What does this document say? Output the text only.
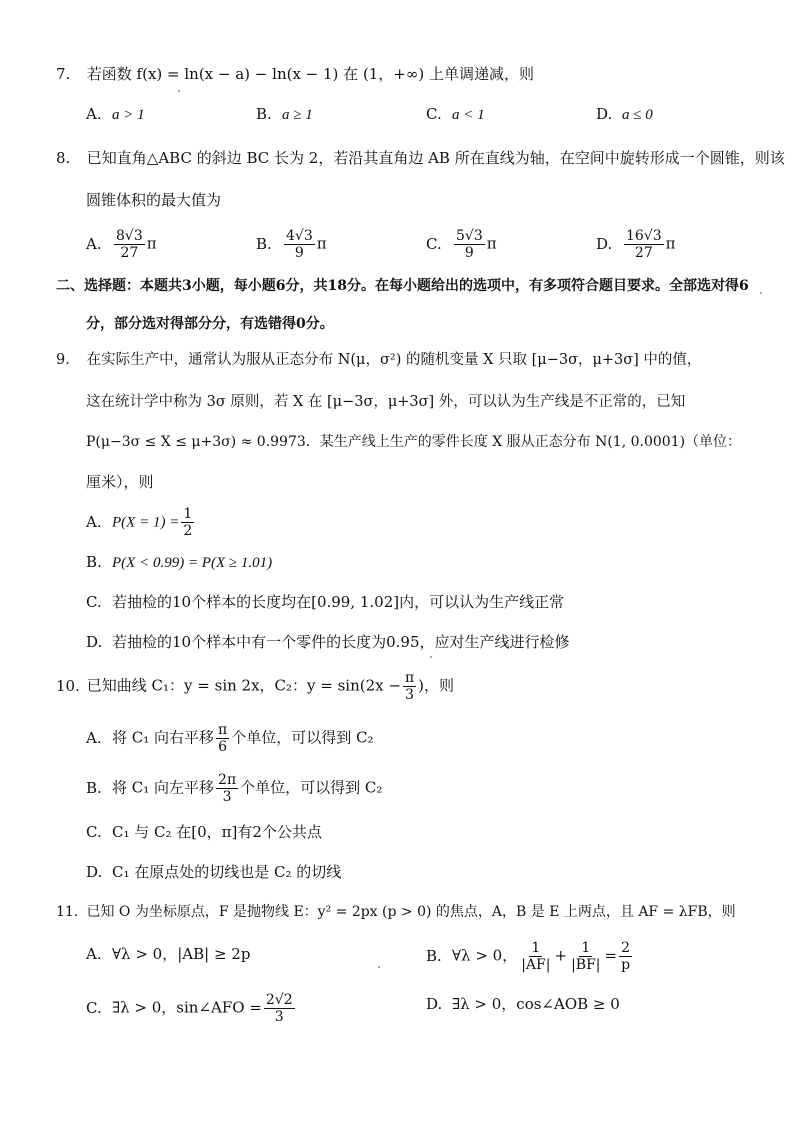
7. 若函数 f(x) = ln(x − a) − ln(x − 1) 在 (1，+∞) 上单调递减，则
A. a > 1	B. a ≥ 1	C. a < 1	D. a ≤ 0
8. 已知直角△ABC 的斜边 BC 长为 2，若沿其直角边 AB 所在直线为轴，在空间中旋转形成一个圆锥，则该
圆锥体积的最大值为
A. $\frac{8√3}{27}$ π	B. $\frac{4√3}{9}$ π	C. $\frac{5√3}{9}$ π	D. $\frac{16√3}{27}$ π
二、选择题：本题共3小题，每小题6分，共18分。在每小题给出的选项中，有多项符合题目要求。全部选对得6
分，部分选对得部分分，有选错得0分。
9． 在实际生产中，通常认为服从正态分布 N(μ，σ²) 的随机变量 X 只取 [μ−3σ，μ+3σ] 中的值，
这在统计学中称为 3σ 原则，若 X 在 [μ−3σ，μ+3σ] 外，可以认为生产线是不正常的，已知
P(μ−3σ ≤ X ≤ μ+3σ) ≈ 0.9973．某生产线上生产的零件长度 X 服从正态分布 N(1, 0.0001)（单位：
厘米），则
A. $P(X = 1) = \frac{1}{2}$
B. P(X < 0.99) = P(X ≥ 1.01)
C. 若抽检的10个样本的长度均在[0.99, 1.02]内，可以认为生产线正常
D. 若抽检的10个样本中有一个零件的长度为0.95，应对生产线进行检修
10. 已知曲线 C₁：y = sin 2x，C₂：$y = \sin(2x - \frac{\pi}{3}$ )，则
A. 将 C₁ 向右平移 $\frac{\pi}{6}$ 个单位，可以得到 C₂
B. 将 C₁ 向左平移 $\frac{2\pi}{3}$ 个单位，可以得到 C₂
C. C₁ 与 C₂ 在[0，π]有2个公共点
D. C₁ 在原点处的切线也是 C₂ 的切线
11. 已知 O 为坐标原点，F 是抛物线 E：y² = 2px (p > 0) 的焦点，A，B 是 E 上两点，且 AF = λFB，则
A. ∀λ > 0，|AB| ≥ 2p	B. ∀λ > 0， $\frac{1}{|AF|} + \frac{1}{|BF|} = \frac{2}{p}$
C. ∃λ > 0，sin∠AFO = $\frac{2√2}{3}$	D. ∃λ > 0，cos∠AOB ≥ 0
